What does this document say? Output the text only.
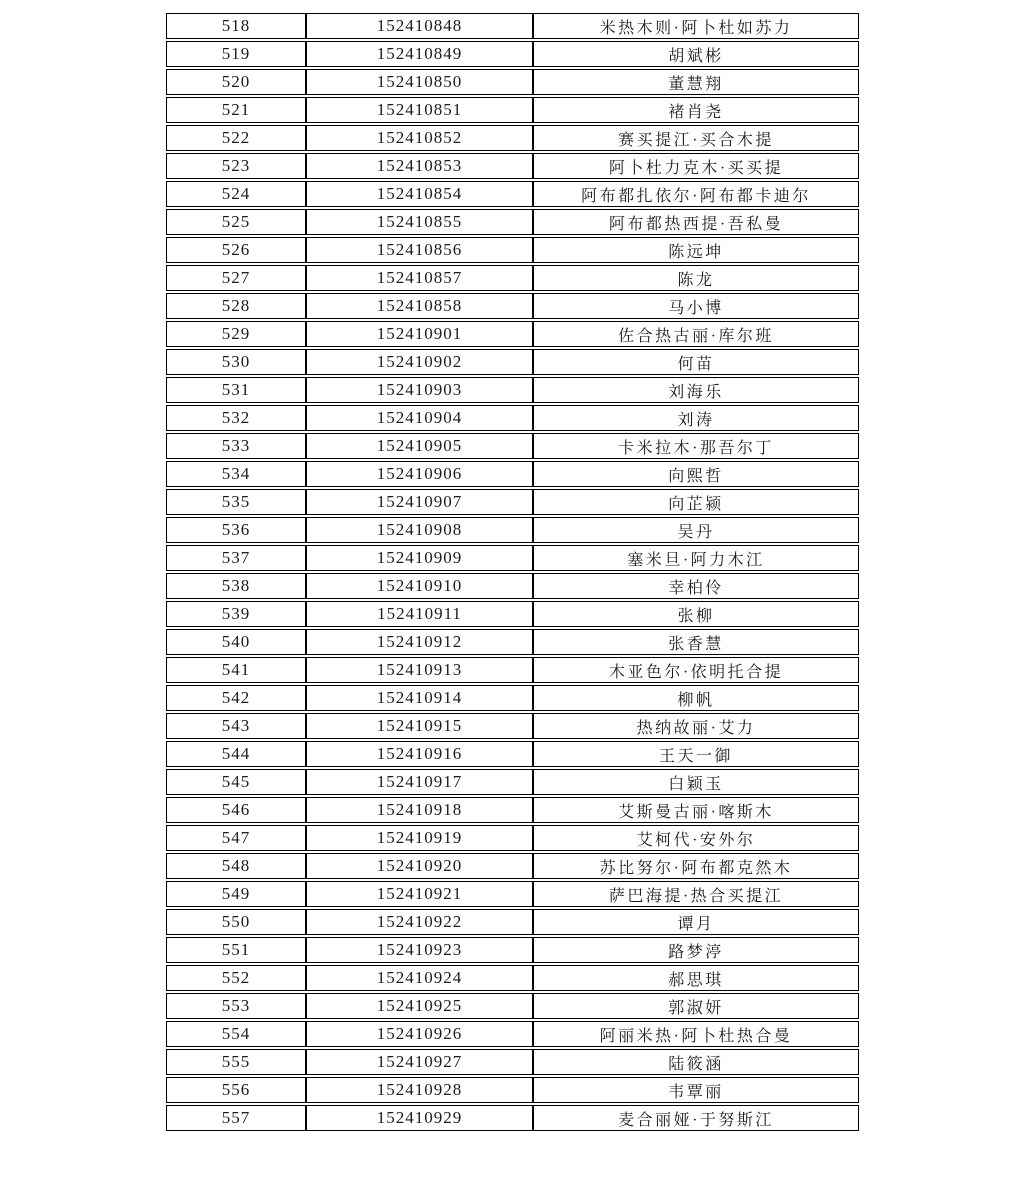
518	152410848	米热木则·阿卜杜如苏力
519	152410849	胡斌彬
520	152410850	董慧翔
521	152410851	褚肖尧
522	152410852	赛买提江·买合木提
523	152410853	阿卜杜力克木·买买提
524	152410854	阿布都扎依尔·阿布都卡迪尔
525	152410855	阿布都热西提·吾私曼
526	152410856	陈远坤
527	152410857	陈龙
528	152410858	马小博
529	152410901	佐合热古丽·库尔班
530	152410902	何苗
531	152410903	刘海乐
532	152410904	刘涛
533	152410905	卡米拉木·那吾尔丁
534	152410906	向熙哲
535	152410907	向芷颍
536	152410908	吴丹
537	152410909	塞米旦·阿力木江
538	152410910	幸柏伶
539	152410911	张柳
540	152410912	张香慧
541	152410913	木亚色尔·依明托合提
542	152410914	柳帆
543	152410915	热纳故丽·艾力
544	152410916	王天一御
545	152410917	白颖玉
546	152410918	艾斯曼古丽·喀斯木
547	152410919	艾柯代·安外尔
548	152410920	苏比努尔·阿布都克然木
549	152410921	萨巴海提·热合买提江
550	152410922	谭月
551	152410923	路梦渟
552	152410924	郝思琪
553	152410925	郭淑妍
554	152410926	阿丽米热·阿卜杜热合曼
555	152410927	陆筱涵
556	152410928	韦覃丽
557	152410929	麦合丽娅·于努斯江
